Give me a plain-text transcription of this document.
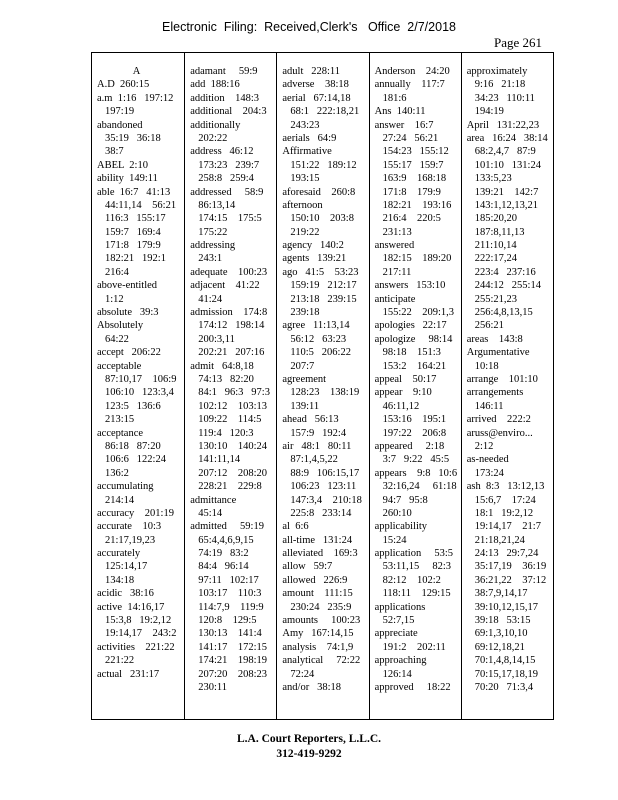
Electronic  Filing:  Received,Clerk's   Office  2/7/2018
Page 261
A
A.D  260:15
a.m  1:16   197:12
197:19
abandoned
35:19   36:18
38:7
ABEL  2:10
ability  149:11
able  16:7   41:13
44:11,14    56:21
116:3   155:17
159:7   169:4
171:8   179:9
182:21   192:1
216:4
above-entitled
1:12
absolute   39:3
Absolutely
64:22
accept   206:22
acceptable
87:10,17    106:9
106:10   123:3,4
123:5   136:6
213:15
acceptance
86:18   87:20
106:6   122:24
136:2
accumulating
214:14
accuracy    201:19
accurate    10:3
21:17,19,23
accurately
125:14,17
134:18
acidic   38:16
active  14:16,17
15:3,8   19:2,12
19:14,17    243:2
activities    221:22
221:22
actual   231:17
adamant     59:9
add  188:16
addition    148:3
additional    204:3
additionally
202:22
address   46:12
173:23   239:7
258:8   259:4
addressed     58:9
86:13,14
174:15    175:5
175:22
addressing
243:1
adequate    100:23
adjacent    41:22
41:24
admission    174:8
174:12   198:14
200:3,11
202:21   207:16
admit   64:8,18
74:13   82:20
84:1   96:3   97:3
102:12    103:13
109:22    114:5
119:4   120:3
130:10    140:24
141:11,14
207:12    208:20
228:21    229:8
admittance
45:14
admitted     59:19
65:4,4,6,9,15
74:19   83:2
84:4   96:14
97:11   102:17
103:17    110:3
114:7,9    119:9
120:8    129:5
130:13    141:4
141:17    172:15
174:21    198:19
207:20    208:23
230:11
adult   228:11
adverse    38:18
aerial   67:14,18
68:1   222:18,21
243:23
aerials   64:9
Affirmative
151:22   189:12
193:15
aforesaid    260:8
afternoon
150:10    203:8
219:22
agency   140:2
agents   139:21
ago   41:5    53:23
159:19   212:17
213:18   239:15
239:18
agree   11:13,14
56:12   63:23
110:5   206:22
207:7
agreement
128:23    138:19
139:11
ahead   56:13
157:9   192:4
air   48:1   80:11
87:1,4,5,22
88:9   106:15,17
106:23   123:11
147:3,4    210:18
225:8   233:14
al  6:6
all-time   131:24
alleviated    169:3
allow   59:7
allowed   226:9
amount    111:15
230:24   235:9
amounts     100:23
Amy   167:14,15
analysis    74:1,9
analytical     72:22
72:24
and/or   38:18
Anderson    24:20
annually    117:7
181:6
Ans  140:11
answer    16:7
27:24   56:21
154:23   155:12
155:17   159:7
163:9    168:18
171:8    179:9
182:21    193:16
216:4    220:5
231:13
answered
182:15    189:20
217:11
answers   153:10
anticipate
155:22    209:1,3
apologies   22:17
apologize     98:14
98:18    151:3
153:2    164:21
appeal    50:17
appear    9:10
46:11,12
153:16    195:1
197:22    206:8
appeared     2:18
3:7   9:22   45:5
appears    9:8   10:6
32:16,24     61:18
94:7   95:8
260:10
applicability
15:24
application     53:5
53:11,15     82:3
82:12    102:2
118:11    129:15
applications
52:7,15
appreciate
191:2    202:11
approaching
126:14
approved     18:22
approximately
9:16   21:18
34:23   110:11
194:19
April   131:22,23
area   16:24   38:14
68:2,4,7   87:9
101:10   131:24
133:5,23
139:21    142:7
143:1,12,13,21
185:20,20
187:8,11,13
211:10,14
222:17,24
223:4   237:16
244:12   255:14
255:21,23
256:4,8,13,15
256:21
areas    143:8
Argumentative
10:18
arrange    101:10
arrangements
146:11
arrived    222:2
aruss@enviro...
2:12
as-needed
173:24
ash  8:3   13:12,13
15:6,7    17:24
18:1   19:2,12
19:14,17    21:7
21:18,21,24
24:13   29:7,24
35:17,19    36:19
36:21,22    37:12
38:7,9,14,17
39:10,12,15,17
39:18   53:15
69:1,3,10,10
69:12,18,21
70:1,4,8,14,15
70:15,17,18,19
70:20   71:3,4
L.A. Court Reporters, L.L.C.
312-419-9292
